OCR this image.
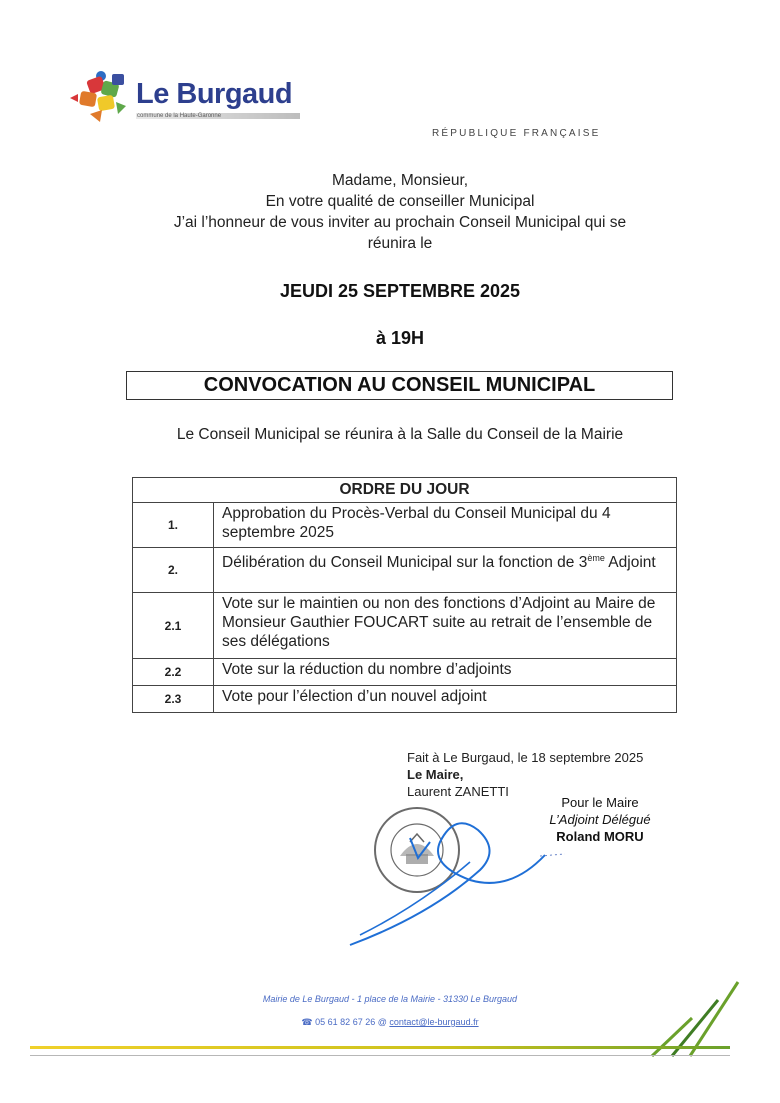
Le Burgaud
commune de la Haute-Garonne
RÉPUBLIQUE FRANÇAISE
Madame, Monsieur,
En votre qualité de conseiller Municipal
J’ai l’honneur de vous inviter au prochain Conseil Municipal qui se
réunira le
JEUDI 25 SEPTEMBRE 2025
à 19H
CONVOCATION AU CONSEIL MUNICIPAL
Le Conseil Municipal se réunira à la Salle du Conseil de la Mairie
ORDRE DU JOUR	
1.	Approbation du Procès-Verbal du Conseil Municipal du 4 septembre 2025
2.	Délibération du Conseil Municipal sur la fonction de 3ème Adjoint
2.1	Vote sur le maintien ou non des fonctions d’Adjoint au Maire de Monsieur Gauthier FOUCART suite au retrait de l’ensemble de ses délégations
2.2	Vote sur la réduction du nombre d’adjoints
2.3	Vote pour l’élection d’un nouvel adjoint
Fait à Le Burgaud, le 18 septembre 2025
Le Maire,
Laurent ZANETTI
Pour le Maire
L’Adjoint Délégué
Roland MORU
Mairie de Le Burgaud - 1 place de la Mairie - 31330 Le Burgaud
☎ 05 61 82 67 26 @ contact@le-burgaud.fr
